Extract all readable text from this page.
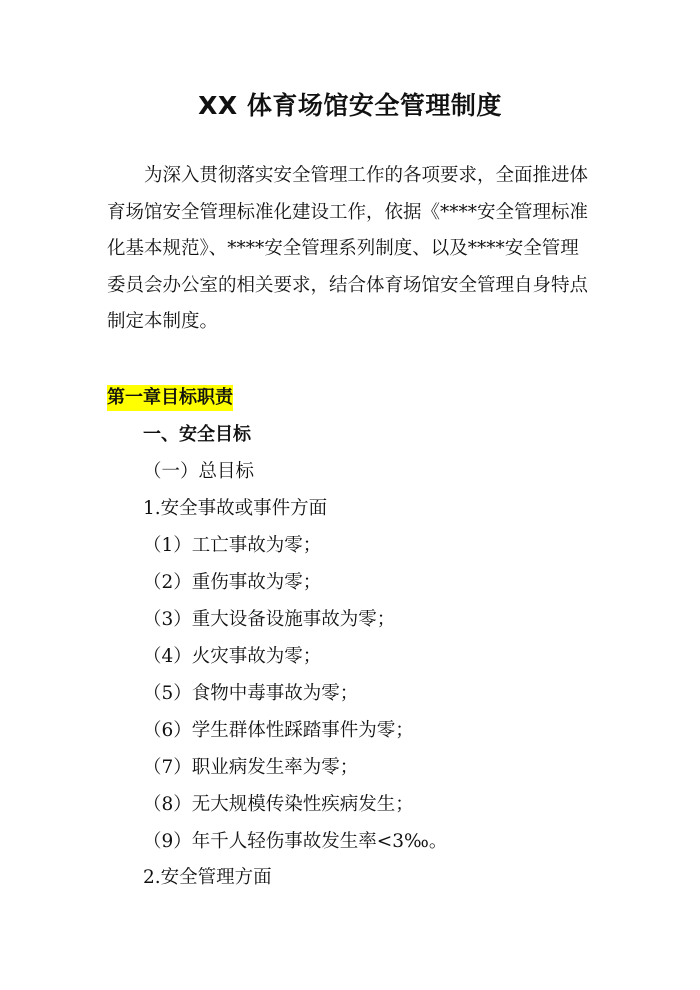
XX 体育场馆安全管理制度
为深入贯彻落实安全管理工作的各项要求，全面推进体
育场馆安全管理标准化建设工作，依据《****安全管理标准
化基本规范》、****安全管理系列制度、以及****安全管理
委员会办公室的相关要求，结合体育场馆安全管理自身特点
制定本制度。
第一章目标职责
一、安全目标
（一）总目标
1.安全事故或事件方面
（1）工亡事故为零；
（2）重伤事故为零；
（3）重大设备设施事故为零；
（4）火灾事故为零；
（5）食物中毒事故为零；
（6）学生群体性踩踏事件为零；
（7）职业病发生率为零；
（8）无大规模传染性疾病发生；
（9）年千人轻伤事故发生率<3‰。
2.安全管理方面
